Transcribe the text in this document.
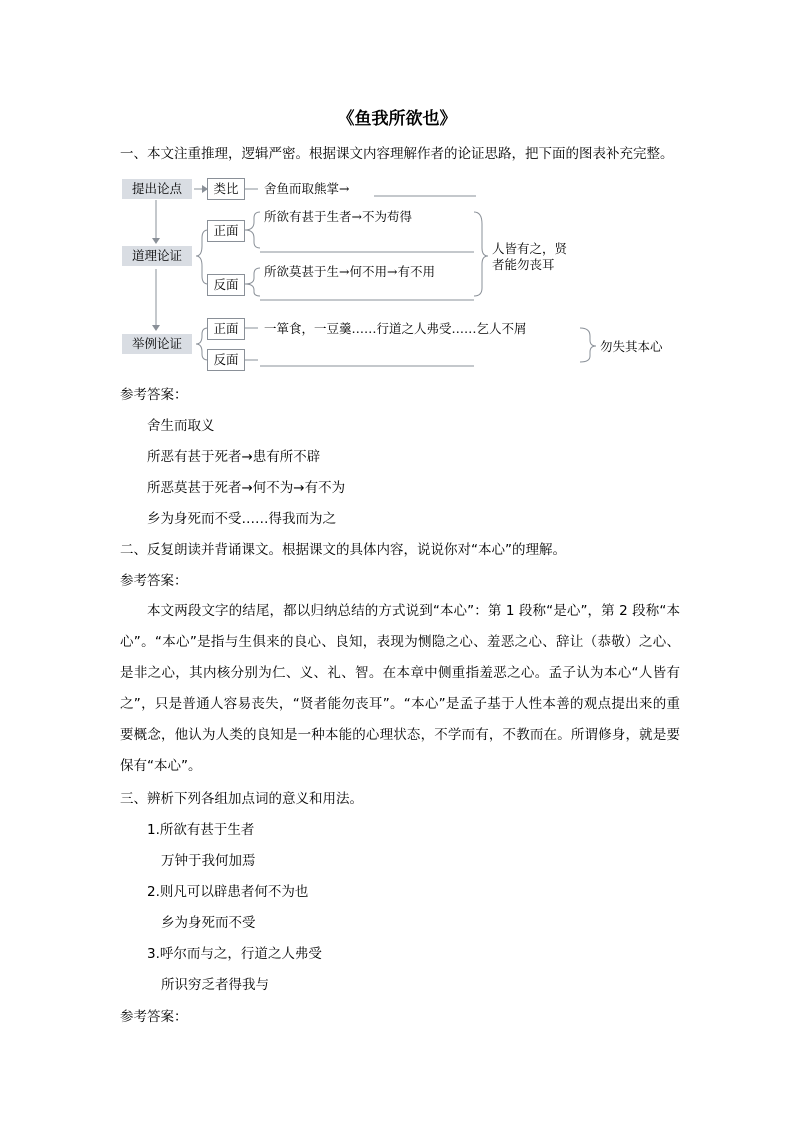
《鱼我所欲也》
一、本文注重推理，逻辑严密。根据课文内容理解作者的论证思路，把下面的图表补充完整。
提出论点	类比	舍鱼而取熊掌→
道理论证
正面
反面
所欲有甚于生者→不为苟得
所欲莫甚于生→何不用→有不用
人皆有之，贤
者能勿丧耳
举例论证
正面
反面
一箪食，一豆羹……行道之人弗受……乞人不屑
勿失其本心
参考答案：
舍生而取义
所恶有甚于死者→患有所不辟
所恶莫甚于死者→何不为→有不为
乡为身死而不受……得我而为之
二、反复朗读并背诵课文。根据课文的具体内容，说说你对“本心”的理解。
参考答案：
本文两段文字的结尾，都以归纳总结的方式说到“本心”：第 1 段称“是心”，第 2 段称“本心”。“本心”是指与生俱来的良心、良知，表现为恻隐之心、羞恶之心、辞让（恭敬）之心、是非之心，其内核分别为仁、义、礼、智。在本章中侧重指羞恶之心。孟子认为本心“人皆有之”，只是普通人容易丧失，“贤者能勿丧耳”。“本心”是孟子基于人性本善的观点提出来的重要概念，他认为人类的良知是一种本能的心理状态，不学而有，不教而在。所谓修身，就是要保有“本心”。
三、辨析下列各组加点词的意义和用法。
1.所欲有甚于生者
万钟于我何加焉
2.则凡可以辟患者何不为也
乡为身死而不受
3.呼尔而与之，行道之人弗受
所识穷乏者得我与
参考答案：
